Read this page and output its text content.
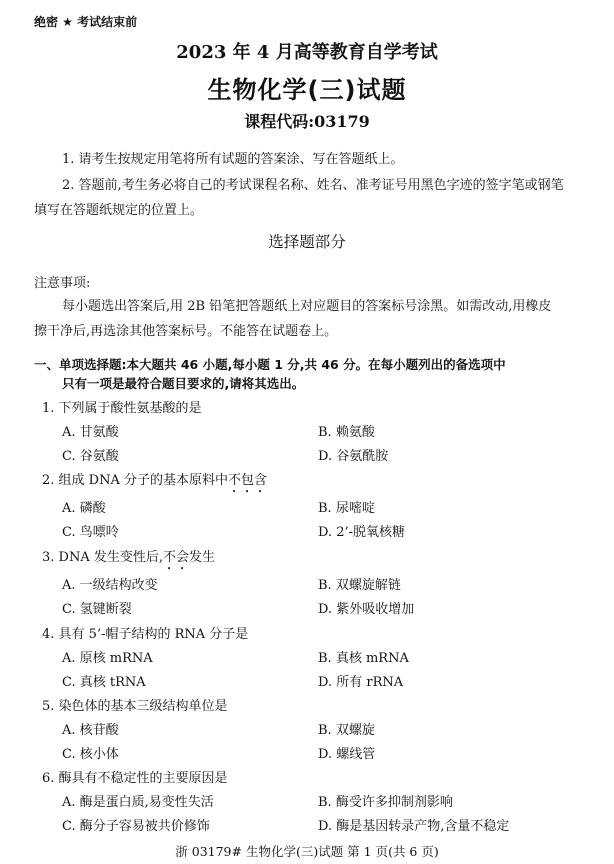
绝密 ★ 考试结束前
2023 年 4 月高等教育自学考试
生物化学(三)试题
课程代码:03179
1. 请考生按规定用笔将所有试题的答案涂、写在答题纸上。
2. 答题前,考生务必将自己的考试课程名称、姓名、准考证号用黑色字迹的签字笔或钢笔
填写在答题纸规定的位置上。
选择题部分
注意事项:
每小题选出答案后,用 2B 铅笔把答题纸上对应题目的答案标号涂黑。如需改动,用橡皮
擦干净后,再选涂其他答案标号。不能答在试题卷上。
一、单项选择题:本大题共 46 小题,每小题 1 分,共 46 分。在每小题列出的备选项中
只有一项是最符合题目要求的,请将其选出。
1. 下列属于酸性氨基酸的是
A. 甘氨酸	B. 赖氨酸
C. 谷氨酸	D. 谷氨酰胺
2. 组成 DNA 分子的基本原料中不包含
A. 磷酸	B. 尿嘧啶
C. 鸟嘌呤	D. 2’-脱氧核糖
3. DNA 发生变性后,不会发生
A. 一级结构改变	B. 双螺旋解链
C. 氢键断裂	D. 紫外吸收增加
4. 具有 5’-帽子结构的 RNA 分子是
A. 原核 mRNA	B. 真核 mRNA
C. 真核 tRNA	D. 所有 rRNA
5. 染色体的基本三级结构单位是
A. 核苷酸	B. 双螺旋
C. 核小体	D. 螺线管
6. 酶具有不稳定性的主要原因是
A. 酶是蛋白质,易变性失活	B. 酶受许多抑制剂影响
C. 酶分子容易被共价修饰	D. 酶是基因转录产物,含量不稳定
浙 03179# 生物化学(三)试题 第 1 页(共 6 页)
